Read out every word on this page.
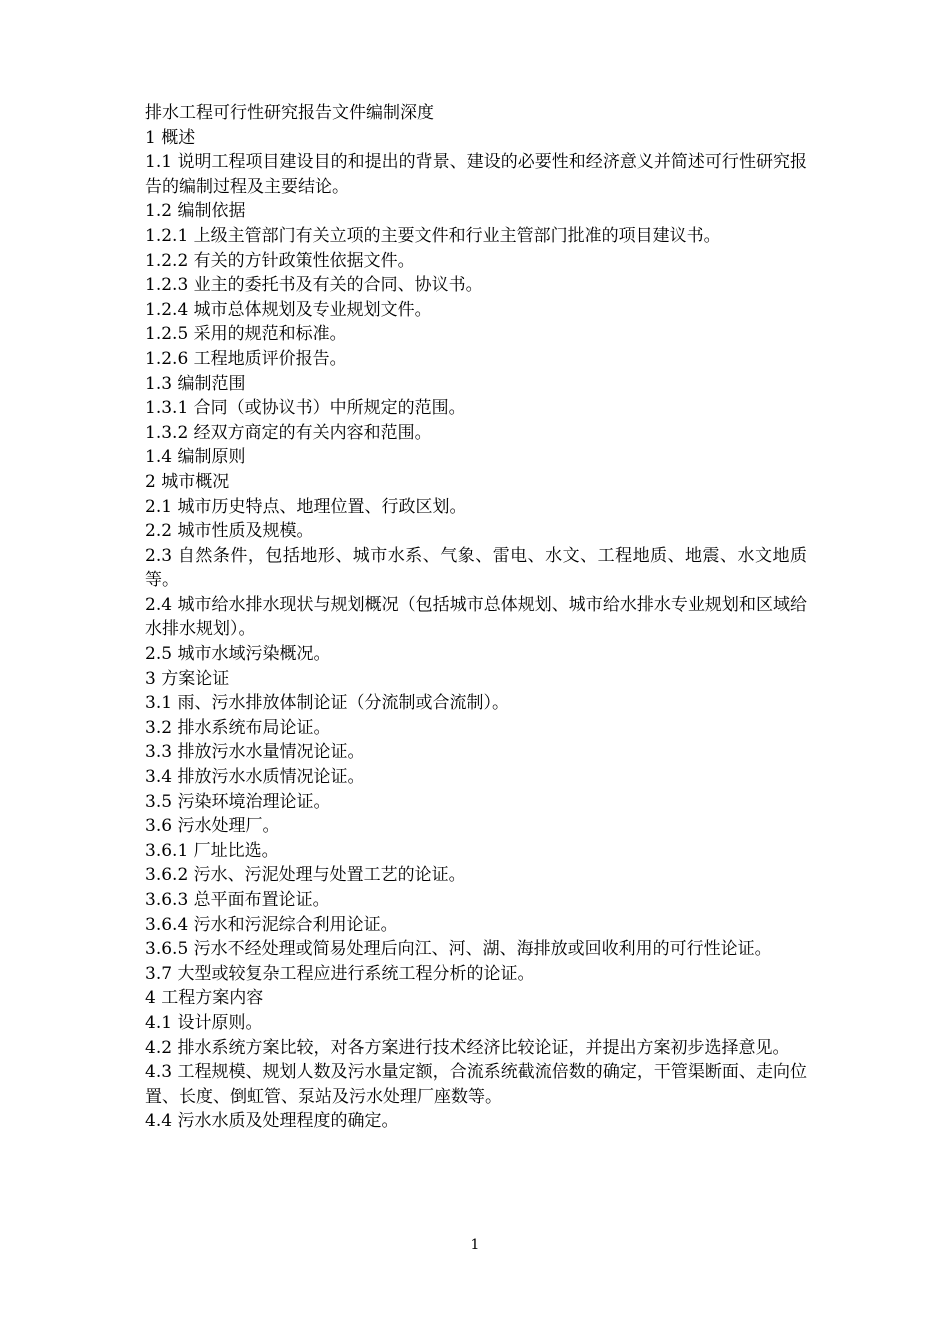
排水工程可行性研究报告文件编制深度

1 概述

1.1 说明工程项目建设目的和提出的背景、建设的必要性和经济意义并简述可行性研究报告的编制过程及主要结论。

1.2 编制依据

1.2.1 上级主管部门有关立项的主要文件和行业主管部门批准的项目建议书。

1.2.2 有关的方针政策性依据文件。

1.2.3 业主的委托书及有关的合同、协议书。

1.2.4 城市总体规划及专业规划文件。

1.2.5 采用的规范和标准。

1.2.6 工程地质评价报告。

1.3 编制范围

1.3.1 合同（或协议书）中所规定的范围。

1.3.2 经双方商定的有关内容和范围。

1.4 编制原则

2 城市概况

2.1 城市历史特点、地理位置、行政区划。

2.2 城市性质及规模。

2.3 自然条件，包括地形、城市水系、气象、雷电、水文、工程地质、地震、水文地质等。

2.4 城市给水排水现状与规划概况（包括城市总体规划、城市给水排水专业规划和区域给水排水规划）。

2.5 城市水域污染概况。

3 方案论证

3.1 雨、污水排放体制论证（分流制或合流制）。

3.2 排水系统布局论证。

3.3 排放污水水量情况论证。

3.4 排放污水水质情况论证。

3.5 污染环境治理论证。

3.6 污水处理厂。

3.6.1 厂址比选。

3.6.2 污水、污泥处理与处置工艺的论证。

3.6.3 总平面布置论证。

3.6.4 污水和污泥综合利用论证。

3.6.5 污水不经处理或简易处理后向江、河、湖、海排放或回收利用的可行性论证。

3.7 大型或较复杂工程应进行系统工程分析的论证。

4 工程方案内容

4.1 设计原则。

4.2 排水系统方案比较，对各方案进行技术经济比较论证，并提出方案初步选择意见。

4.3 工程规模、规划人数及污水量定额，合流系统截流倍数的确定，干管渠断面、走向位置、长度、倒虹管、泵站及污水处理厂座数等。

4.4 污水水质及处理程度的确定。

1
